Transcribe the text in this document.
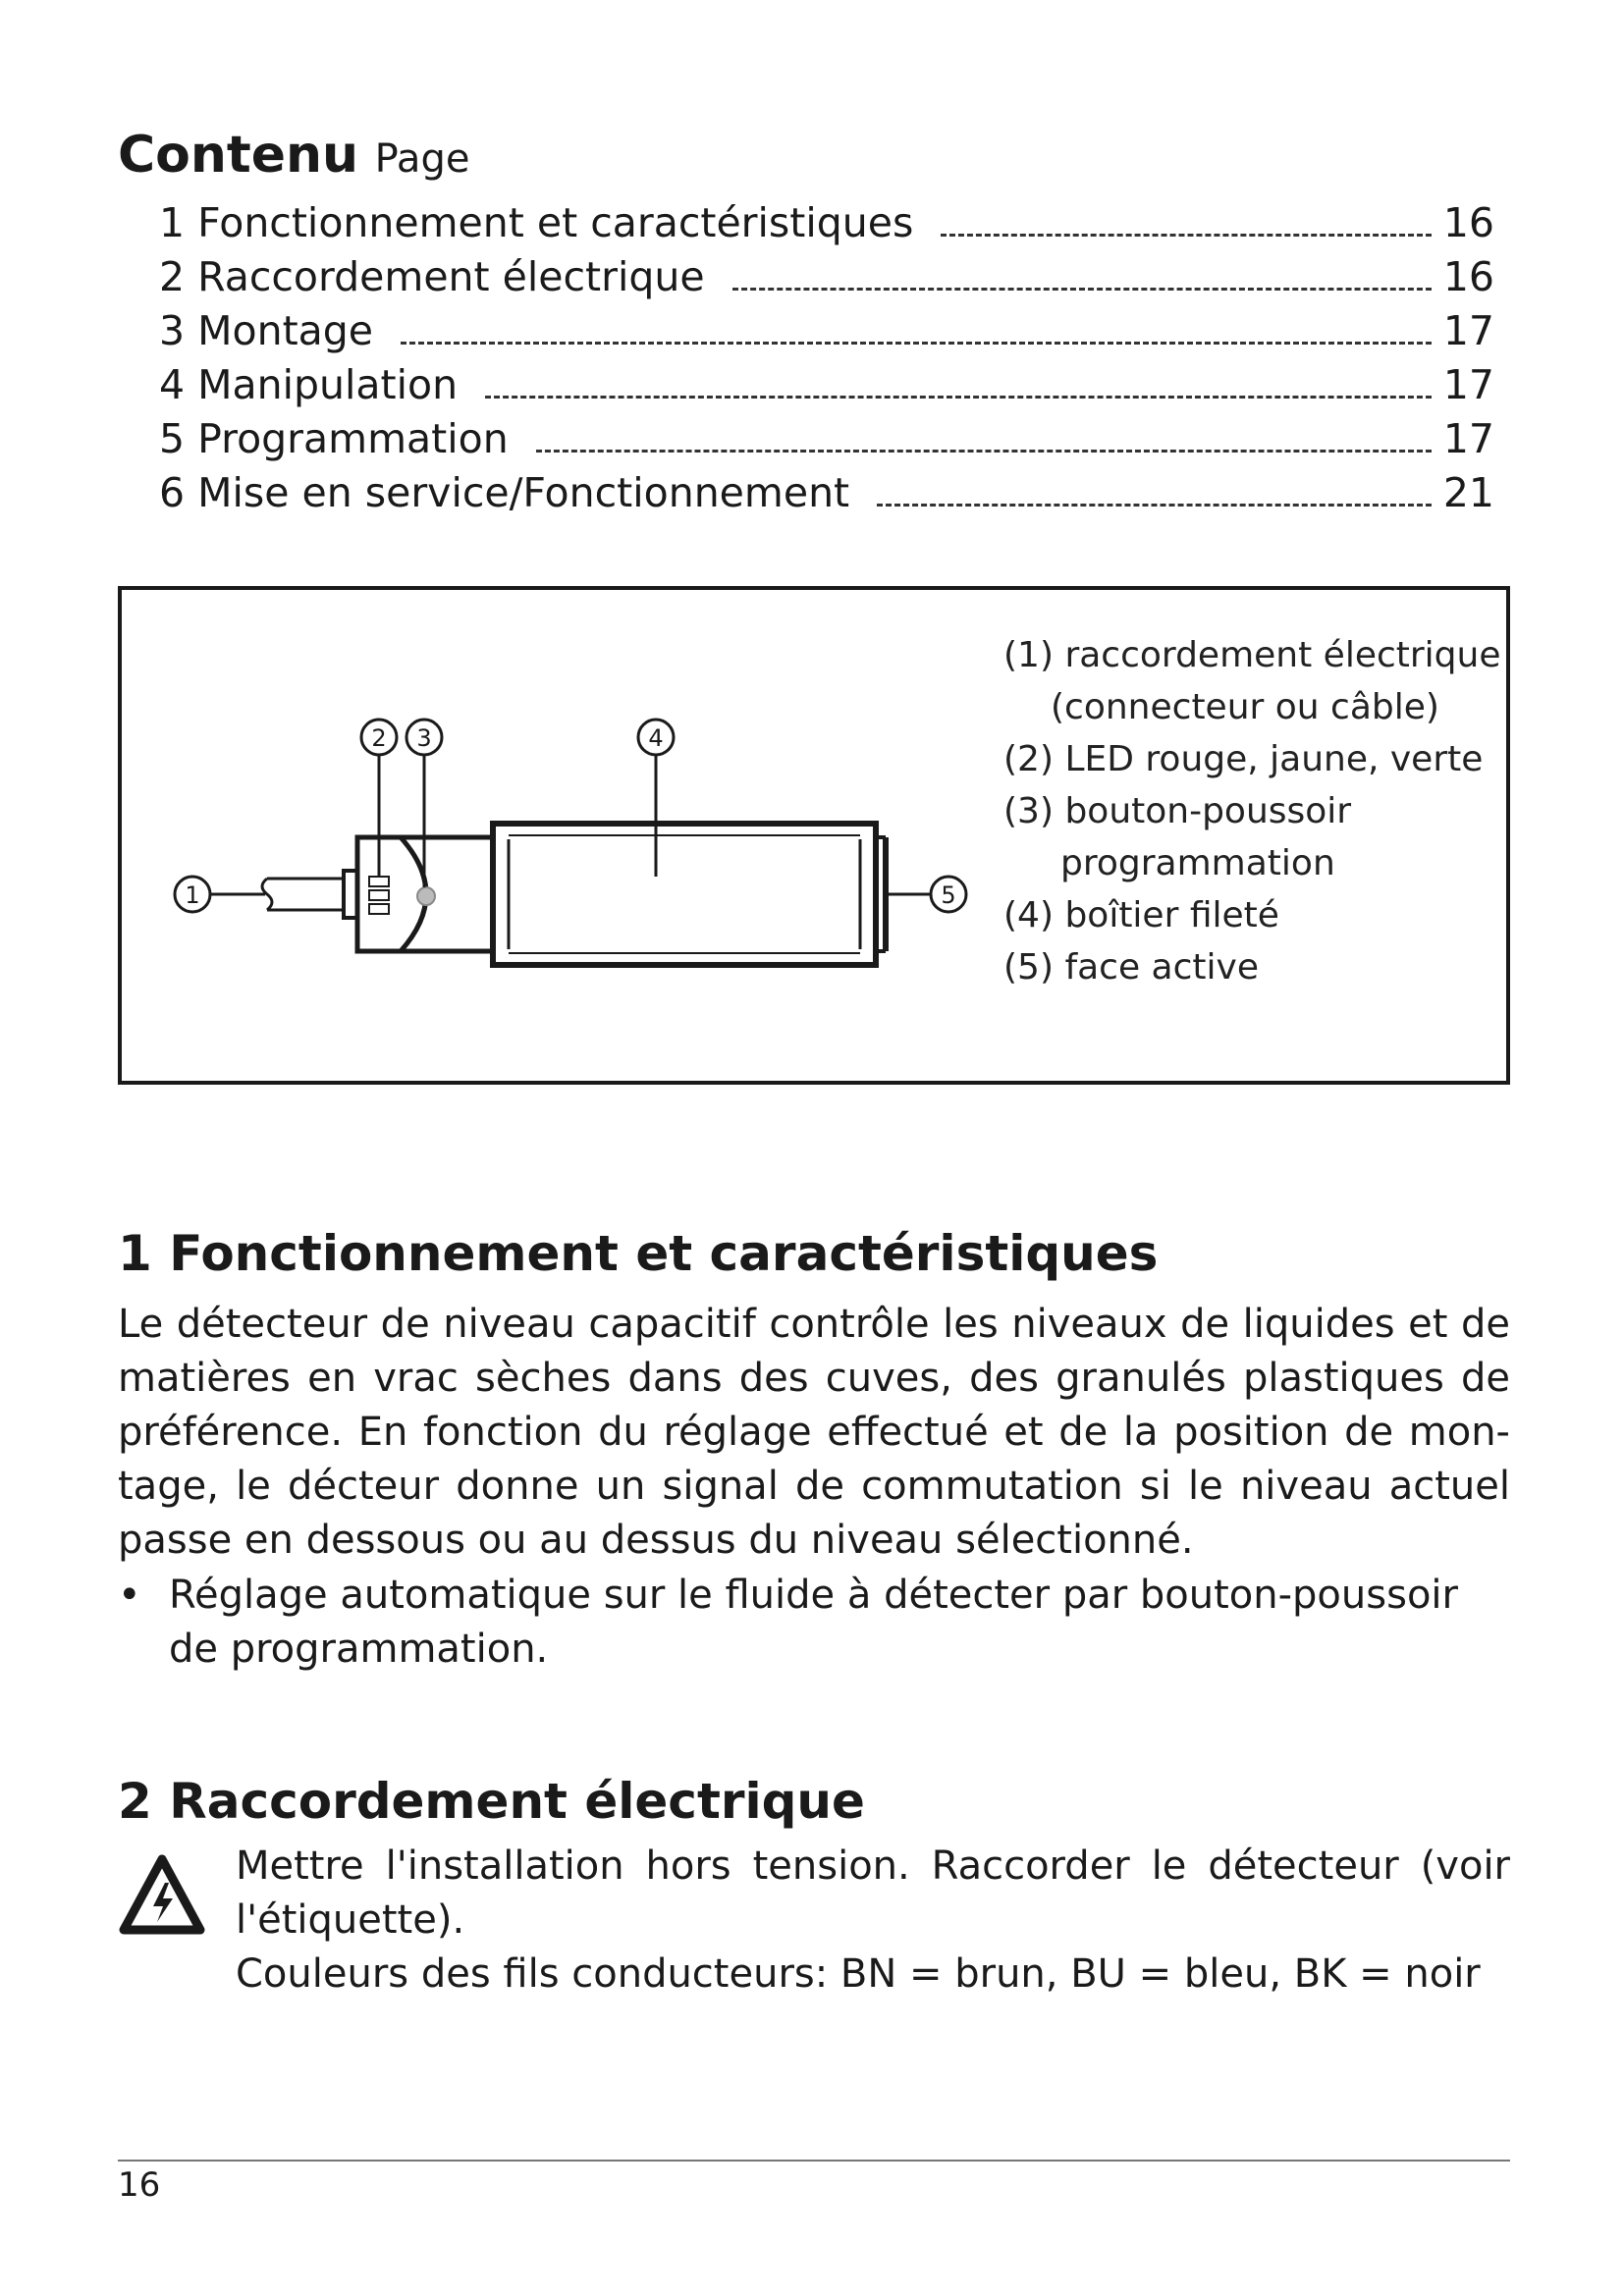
Contenu Page
1 Fonctionnement et caractéristiques	16
2 Raccordement électrique	16
3 Montage	17
4 Manipulation	17
5 Programmation	17
6 Mise en service/Fonctionnement	21
1
2 3	4
5
(1) raccordement électrique
(connecteur ou câble)
(2) LED rouge, jaune, verte
(3) bouton-poussoir
programmation
(4) boîtier fileté
(5) face active
1 Fonctionnement et caractéristiques
Le détecteur de niveau capacitif contrôle les niveaux de liquides et de matières en vrac sèches dans des cuves, des granulés plastiques de préférence. En fonction du réglage effectué et de la position de mon-tage, le décteur donne un signal de commutation si le niveau actuel passe en dessous ou au dessus du niveau sélectionné.
• Réglage automatique sur le fluide à détecter par bouton-poussoir de programmation.
2 Raccordement électrique
Mettre l'installation hors tension. Raccorder le détecteur (voir l'étiquette).
Couleurs des fils conducteurs: BN = brun, BU = bleu, BK = noir
16
